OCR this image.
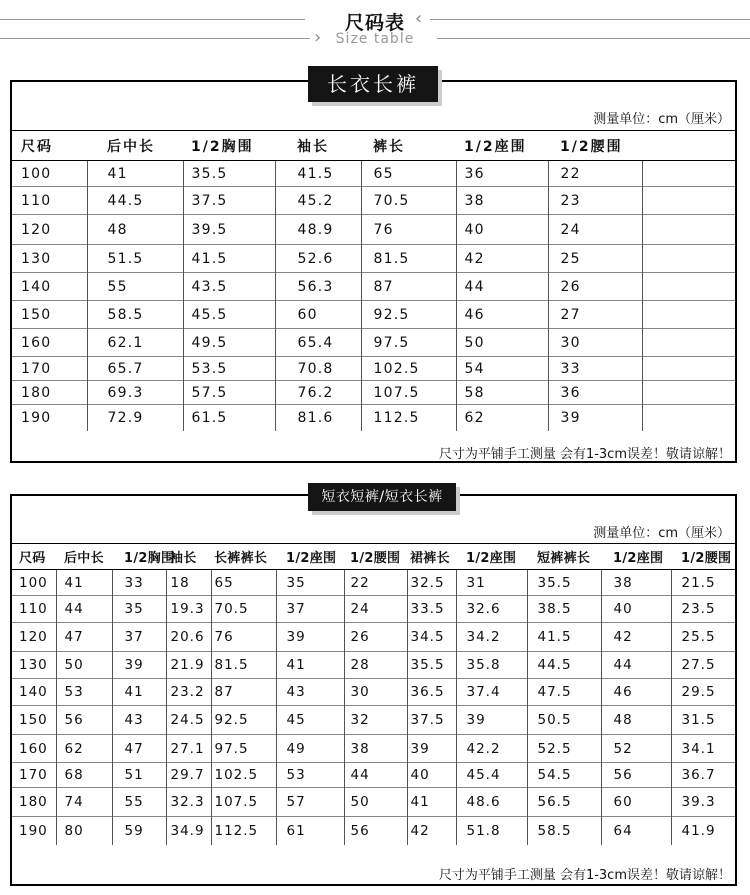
›
‹
尺码表
Size table
测量单位：cm（厘米）
尺码	后中长	1/2胸围	袖长	裤长	1/2座围	1/2腰围	
100	41	35.5	41.5	65	36	22	
110	44.5	37.5	45.2	70.5	38	23	
120	48	39.5	48.9	76	40	24	
130	51.5	41.5	52.6	81.5	42	25	
140	55	43.5	56.3	87	44	26	
150	58.5	45.5	60	92.5	46	27	
160	62.1	49.5	65.4	97.5	50	30	
170	65.7	53.5	70.8	102.5	54	33	
180	69.3	57.5	76.2	107.5	58	36	
190	72.9	61.5	81.6	112.5	62	39	
尺寸为平铺手工测量 会有1-3cm误差！敬请谅解！
长衣长裤
测量单位：cm（厘米）
尺码	后中长	1/2胸围	袖长	长裤裤长	1/2座围	1/2腰围	裙裤长	1/2座围	短裤裤长	1/2座围	1/2腰围
100	41	33	18	65	35	22	32.5	31	35.5	38	21.5
110	44	35	19.3	70.5	37	24	33.5	32.6	38.5	40	23.5
120	47	37	20.6	76	39	26	34.5	34.2	41.5	42	25.5
130	50	39	21.9	81.5	41	28	35.5	35.8	44.5	44	27.5
140	53	41	23.2	87	43	30	36.5	37.4	47.5	46	29.5
150	56	43	24.5	92.5	45	32	37.5	39	50.5	48	31.5
160	62	47	27.1	97.5	49	38	39	42.2	52.5	52	34.1
170	68	51	29.7	102.5	53	44	40	45.4	54.5	56	36.7
180	74	55	32.3	107.5	57	50	41	48.6	56.5	60	39.3
190	80	59	34.9	112.5	61	56	42	51.8	58.5	64	41.9
尺寸为平铺手工测量 会有1-3cm误差！敬请谅解！
短衣短裤/短衣长裤
